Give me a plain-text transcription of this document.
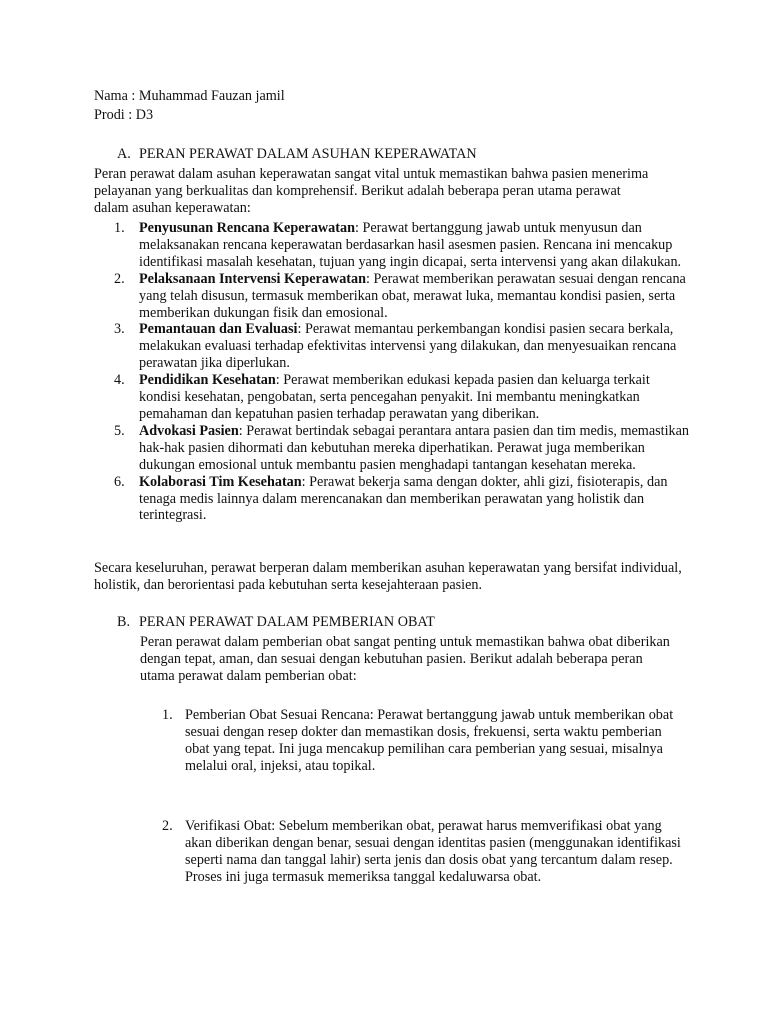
Nama : Muhammad Fauzan jamil
Prodi : D3
A. PERAN PERAWAT DALAM ASUHAN KEPERAWATAN

Peran perawat dalam asuhan keperawatan sangat vital untuk memastikan bahwa pasien menerima pelayanan yang berkualitas dan komprehensif. Berikut adalah beberapa peran utama perawat dalam asuhan keperawatan:

1. Penyusunan Rencana Keperawatan: Perawat bertanggung jawab untuk menyusun dan melaksanakan rencana keperawatan berdasarkan hasil asesmen pasien. Rencana ini mencakup identifikasi masalah kesehatan, tujuan yang ingin dicapai, serta intervensi yang akan dilakukan.
2. Pelaksanaan Intervensi Keperawatan: Perawat memberikan perawatan sesuai dengan rencana yang telah disusun, termasuk memberikan obat, merawat luka, memantau kondisi pasien, serta memberikan dukungan fisik dan emosional.
3. Pemantauan dan Evaluasi: Perawat memantau perkembangan kondisi pasien secara berkala, melakukan evaluasi terhadap efektivitas intervensi yang dilakukan, dan menyesuaikan rencana perawatan jika diperlukan.
4. Pendidikan Kesehatan: Perawat memberikan edukasi kepada pasien dan keluarga terkait kondisi kesehatan, pengobatan, serta pencegahan penyakit. Ini membantu meningkatkan pemahaman dan kepatuhan pasien terhadap perawatan yang diberikan.
5. Advokasi Pasien: Perawat bertindak sebagai perantara antara pasien dan tim medis, memastikan hak-hak pasien dihormati dan kebutuhan mereka diperhatikan. Perawat juga memberikan dukungan emosional untuk membantu pasien menghadapi tantangan kesehatan mereka.
6. Kolaborasi Tim Kesehatan: Perawat bekerja sama dengan dokter, ahli gizi, fisioterapis, dan tenaga medis lainnya dalam merencanakan dan memberikan perawatan yang holistik dan terintegrasi.

Secara keseluruhan, perawat berperan dalam memberikan asuhan keperawatan yang bersifat individual, holistik, dan berorientasi pada kebutuhan serta kesejahteraan pasien.

B. PERAN PERAWAT DALAM PEMBERIAN OBAT

Peran perawat dalam pemberian obat sangat penting untuk memastikan bahwa obat diberikan dengan tepat, aman, dan sesuai dengan kebutuhan pasien. Berikut adalah beberapa peran utama perawat dalam pemberian obat:

1. Pemberian Obat Sesuai Rencana: Perawat bertanggung jawab untuk memberikan obat sesuai dengan resep dokter dan memastikan dosis, frekuensi, serta waktu pemberian obat yang tepat. Ini juga mencakup pemilihan cara pemberian yang sesuai, misalnya melalui oral, injeksi, atau topikal.
2. Verifikasi Obat: Sebelum memberikan obat, perawat harus memverifikasi obat yang akan diberikan dengan benar, sesuai dengan identitas pasien (menggunakan identifikasi seperti nama dan tanggal lahir) serta jenis dan dosis obat yang tercantum dalam resep. Proses ini juga termasuk memeriksa tanggal kedaluwarsa obat.
